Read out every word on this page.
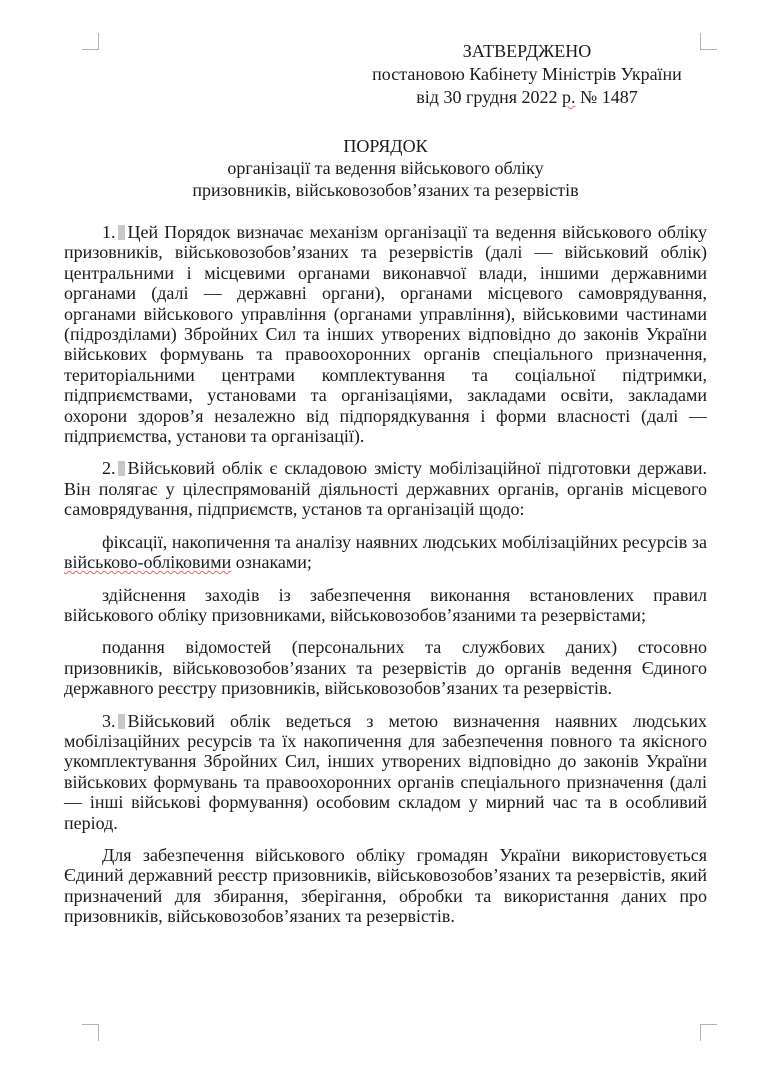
ЗАТВЕРДЖЕНО
постановою Кабінету Міністрів України
від 30 грудня 2022 р. № 1487
ПОРЯДОК
організації та ведення військового обліку
призовників, військовозобов’язаних та резервістів

1. Цей Порядок визначає механізм організації та ведення військового обліку призовників, військовозобов’язаних та резервістів (далі — військовий облік) центральними і місцевими органами виконавчої влади, іншими державними органами (далі — державні органи), органами місцевого самоврядування, органами військового управління (органами управління), військовими частинами (підрозділами) Збройних Сил та інших утворених відповідно до законів України військових формувань та правоохоронних органів спеціального призначення, територіальними центрами комплектування та соціальної підтримки, підприємствами, установами та організаціями, закладами освіти, закладами охорони здоров’я незалежно від підпорядкування і форми власності (далі — підприємства, установи та організації).

2. Військовий облік є складовою змісту мобілізаційної підготовки держави. Він полягає у цілеспрямованій діяльності державних органів, органів місцевого самоврядування, підприємств, установ та організацій щодо:

фіксації, накопичення та аналізу наявних людських мобілізаційних ресурсів за військово-обліковими ознаками;

здійснення заходів із забезпечення виконання встановлених правил військового обліку призовниками, військовозобов’язаними та резервістами;

подання відомостей (персональних та службових даних) стосовно призовників, військовозобов’язаних та резервістів до органів ведення Єдиного державного реєстру призовників, військовозобов’язаних та резервістів.

3. Військовий облік ведеться з метою визначення наявних людських мобілізаційних ресурсів та їх накопичення для забезпечення повного та якісного укомплектування Збройних Сил, інших утворених відповідно до законів України військових формувань та правоохоронних органів спеціального призначення (далі — інші військові формування) особовим складом у мирний час та в особливий період.

Для забезпечення військового обліку громадян України використовується Єдиний державний реєстр призовників, військовозобов’язаних та резервістів, який призначений для збирання, зберігання, обробки та використання даних про призовників, військовозобов’язаних та резервістів.
